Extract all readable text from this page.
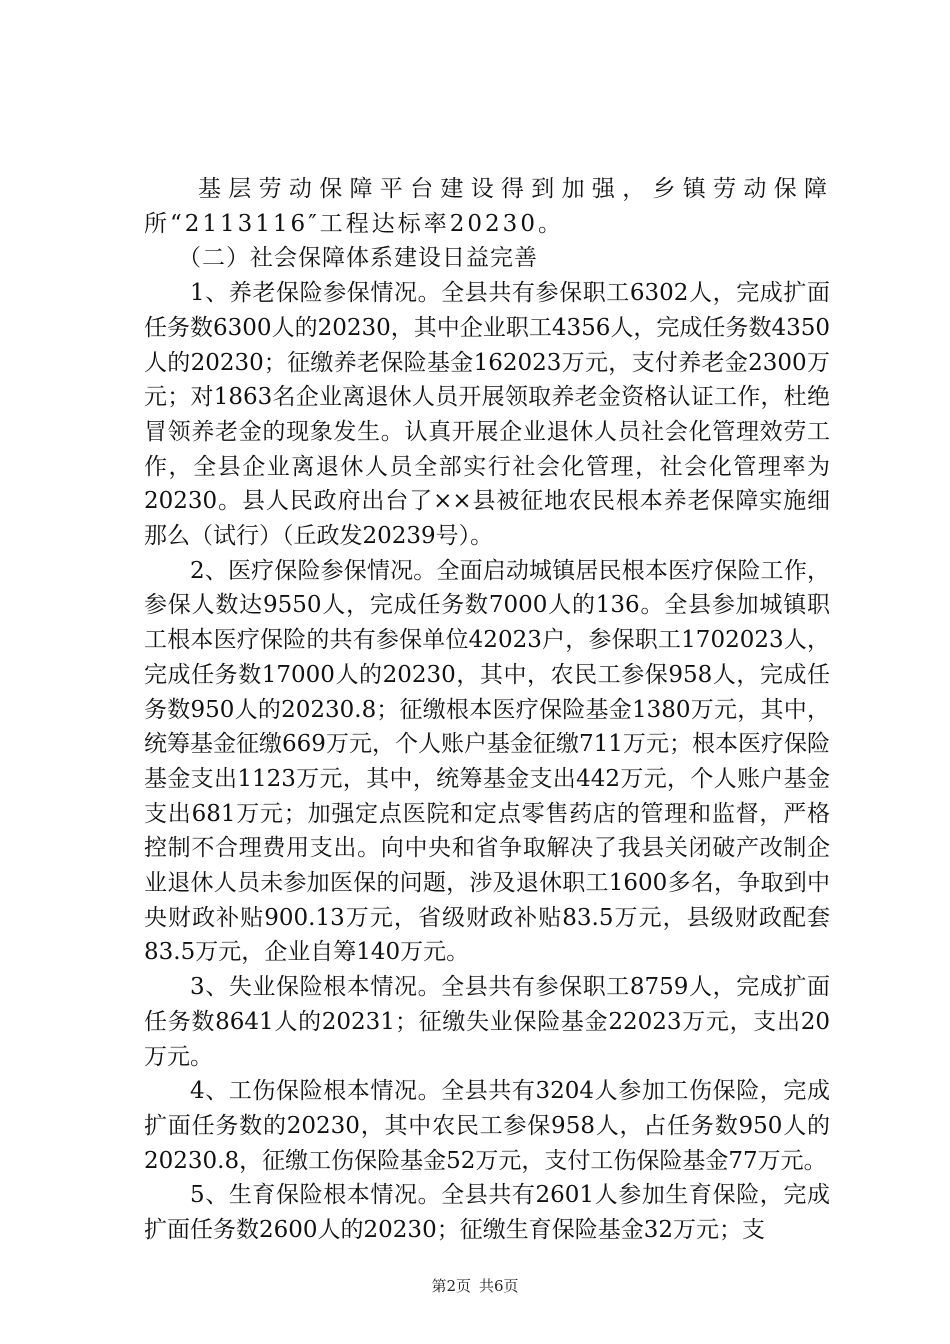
基层劳动保障平台建设得到加强，乡镇劳动保障所“2113116″工程达标率20230。

（二）社会保障体系建设日益完善

1、养老保险参保情况。全县共有参保职工6302人，完成扩面任务数6300人的20230，其中企业职工4356人，完成任务数4350人的20230；征缴养老保险基金162023万元，支付养老金2300万元；对1863名企业离退休人员开展领取养老金资格认证工作，杜绝冒领养老金的现象发生。认真开展企业退休人员社会化管理效劳工作，全县企业离退休人员全部实行社会化管理，社会化管理率为20230。县人民政府出台了××县被征地农民根本养老保障实施细那么（试行）（丘政发20239号）。

2、医疗保险参保情况。全面启动城镇居民根本医疗保险工作，参保人数达9550人，完成任务数7000人的136。全县参加城镇职工根本医疗保险的共有参保单位42023户，参保职工1702023人，完成任务数17000人的20230，其中，农民工参保958人，完成任务数950人的20230.8；征缴根本医疗保险基金1380万元，其中，统筹基金征缴669万元，个人账户基金征缴711万元；根本医疗保险基金支出1123万元，其中，统筹基金支出442万元，个人账户基金支出681万元；加强定点医院和定点零售药店的管理和监督，严格控制不合理费用支出。向中央和省争取解决了我县关闭破产改制企业退休人员未参加医保的问题，涉及退休职工1600多名，争取到中央财政补贴900.13万元，省级财政补贴83.5万元，县级财政配套83.5万元，企业自筹140万元。

3、失业保险根本情况。全县共有参保职工8759人，完成扩面任务数8641人的20231；征缴失业保险基金22023万元，支出20万元。

4、工伤保险根本情况。全县共有3204人参加工伤保险，完成扩面任务数的20230，其中农民工参保958人，占任务数950人的20230.8，征缴工伤保险基金52万元，支付工伤保险基金77万元。

5、生育保险根本情况。全县共有2601人参加生育保险，完成扩面任务数2600人的20230；征缴生育保险基金32万元；支

第2页 共6页
